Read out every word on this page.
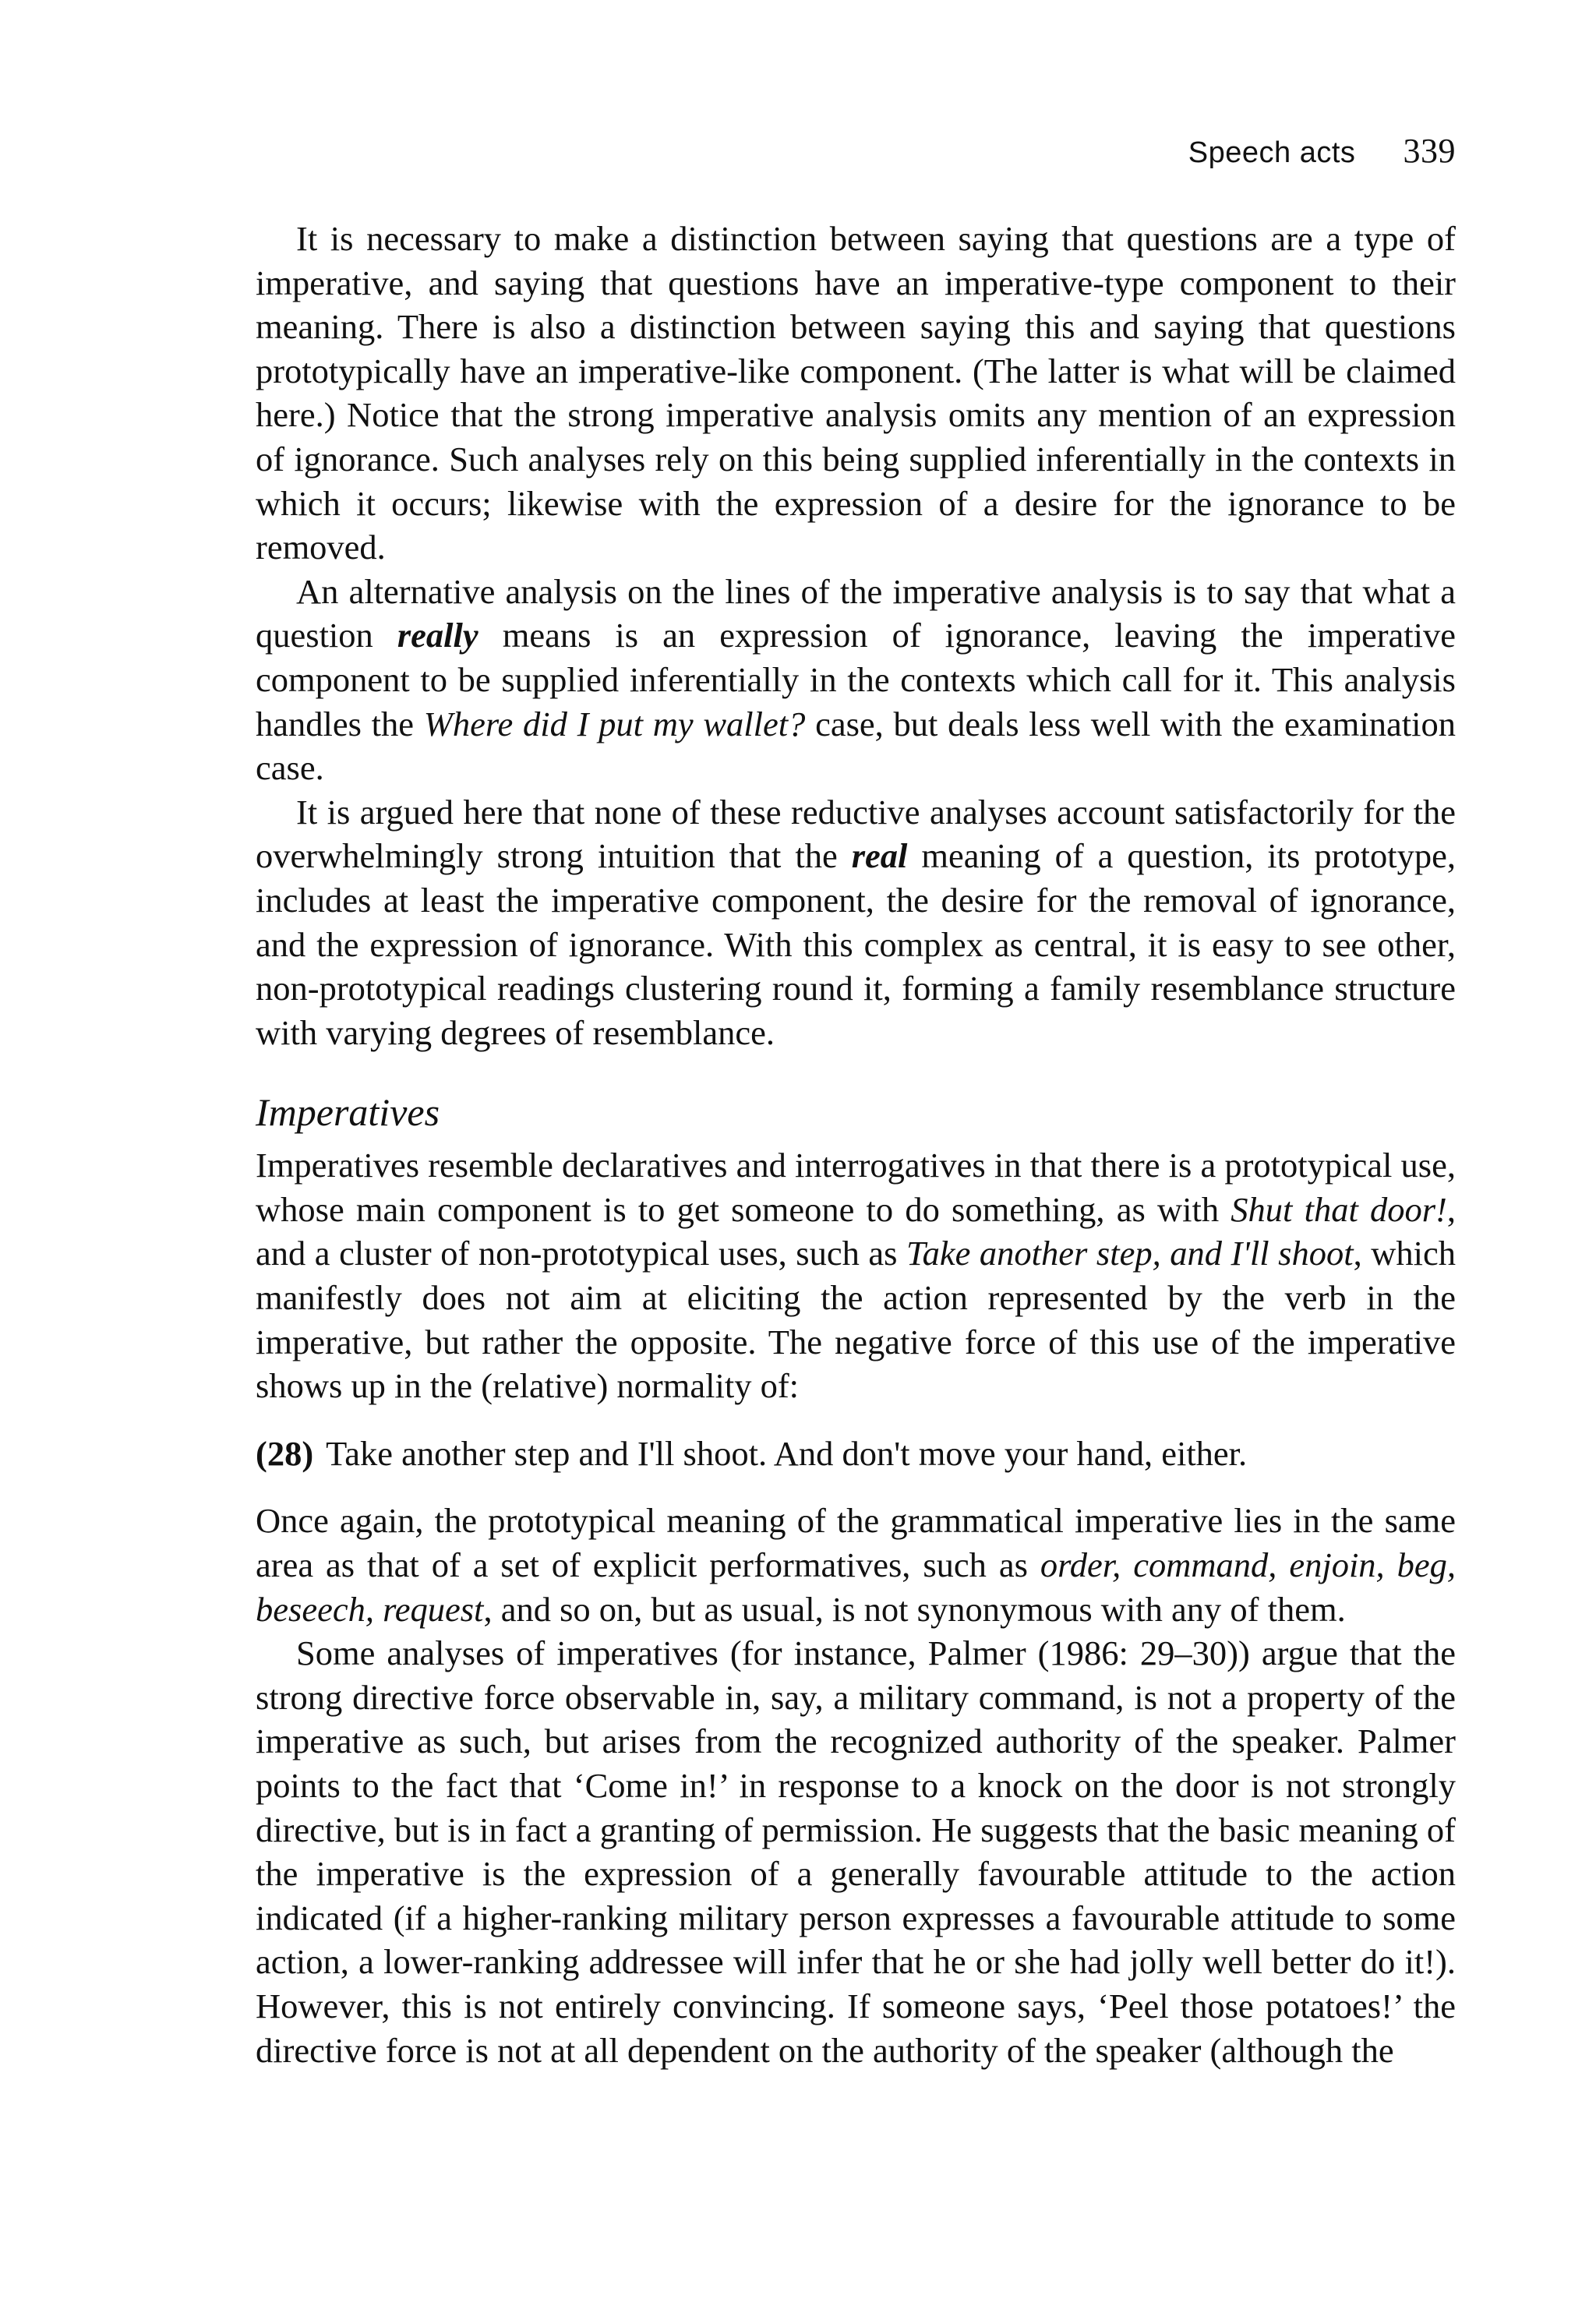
Speech acts 339

It is necessary to make a distinction between saying that questions are a type of imperative, and saying that questions have an imperative-type component to their meaning. There is also a distinction between saying this and saying that questions prototypically have an imperative-like component. (The latter is what will be claimed here.) Notice that the strong imperative analysis omits any mention of an expression of ignorance. Such analyses rely on this being supplied inferentially in the contexts in which it occurs; likewise with the expression of a desire for the ignorance to be removed.

An alternative analysis on the lines of the imperative analysis is to say that what a question really means is an expression of ignorance, leaving the imperative component to be supplied inferentially in the contexts which call for it. This analysis handles the Where did I put my wallet? case, but deals less well with the examination case.

It is argued here that none of these reductive analyses account satisfactorily for the overwhelmingly strong intuition that the real meaning of a question, its prototype, includes at least the imperative component, the desire for the removal of ignorance, and the expression of ignorance. With this complex as central, it is easy to see other, non-prototypical readings clustering round it, forming a family resemblance structure with varying degrees of resemblance.

Imperatives

Imperatives resemble declaratives and interrogatives in that there is a prototypical use, whose main component is to get someone to do something, as with Shut that door!, and a cluster of non-prototypical uses, such as Take another step, and I'll shoot, which manifestly does not aim at eliciting the action represented by the verb in the imperative, but rather the opposite. The negative force of this use of the imperative shows up in the (relative) normality of:

(28) Take another step and I'll shoot. And don't move your hand, either.

Once again, the prototypical meaning of the grammatical imperative lies in the same area as that of a set of explicit performatives, such as order, command, enjoin, beg, beseech, request, and so on, but as usual, is not synonymous with any of them.

Some analyses of imperatives (for instance, Palmer (1986: 29–30)) argue that the strong directive force observable in, say, a military command, is not a property of the imperative as such, but arises from the recognized authority of the speaker. Palmer points to the fact that ‘Come in!’ in response to a knock on the door is not strongly directive, but is in fact a granting of permission. He suggests that the basic meaning of the imperative is the expression of a generally favourable attitude to the action indicated (if a higher-ranking military person expresses a favourable attitude to some action, a lower-ranking addressee will infer that he or she had jolly well better do it!). However, this is not entirely convincing. If someone says, ‘Peel those potatoes!’ the directive force is not at all dependent on the authority of the speaker (although the
